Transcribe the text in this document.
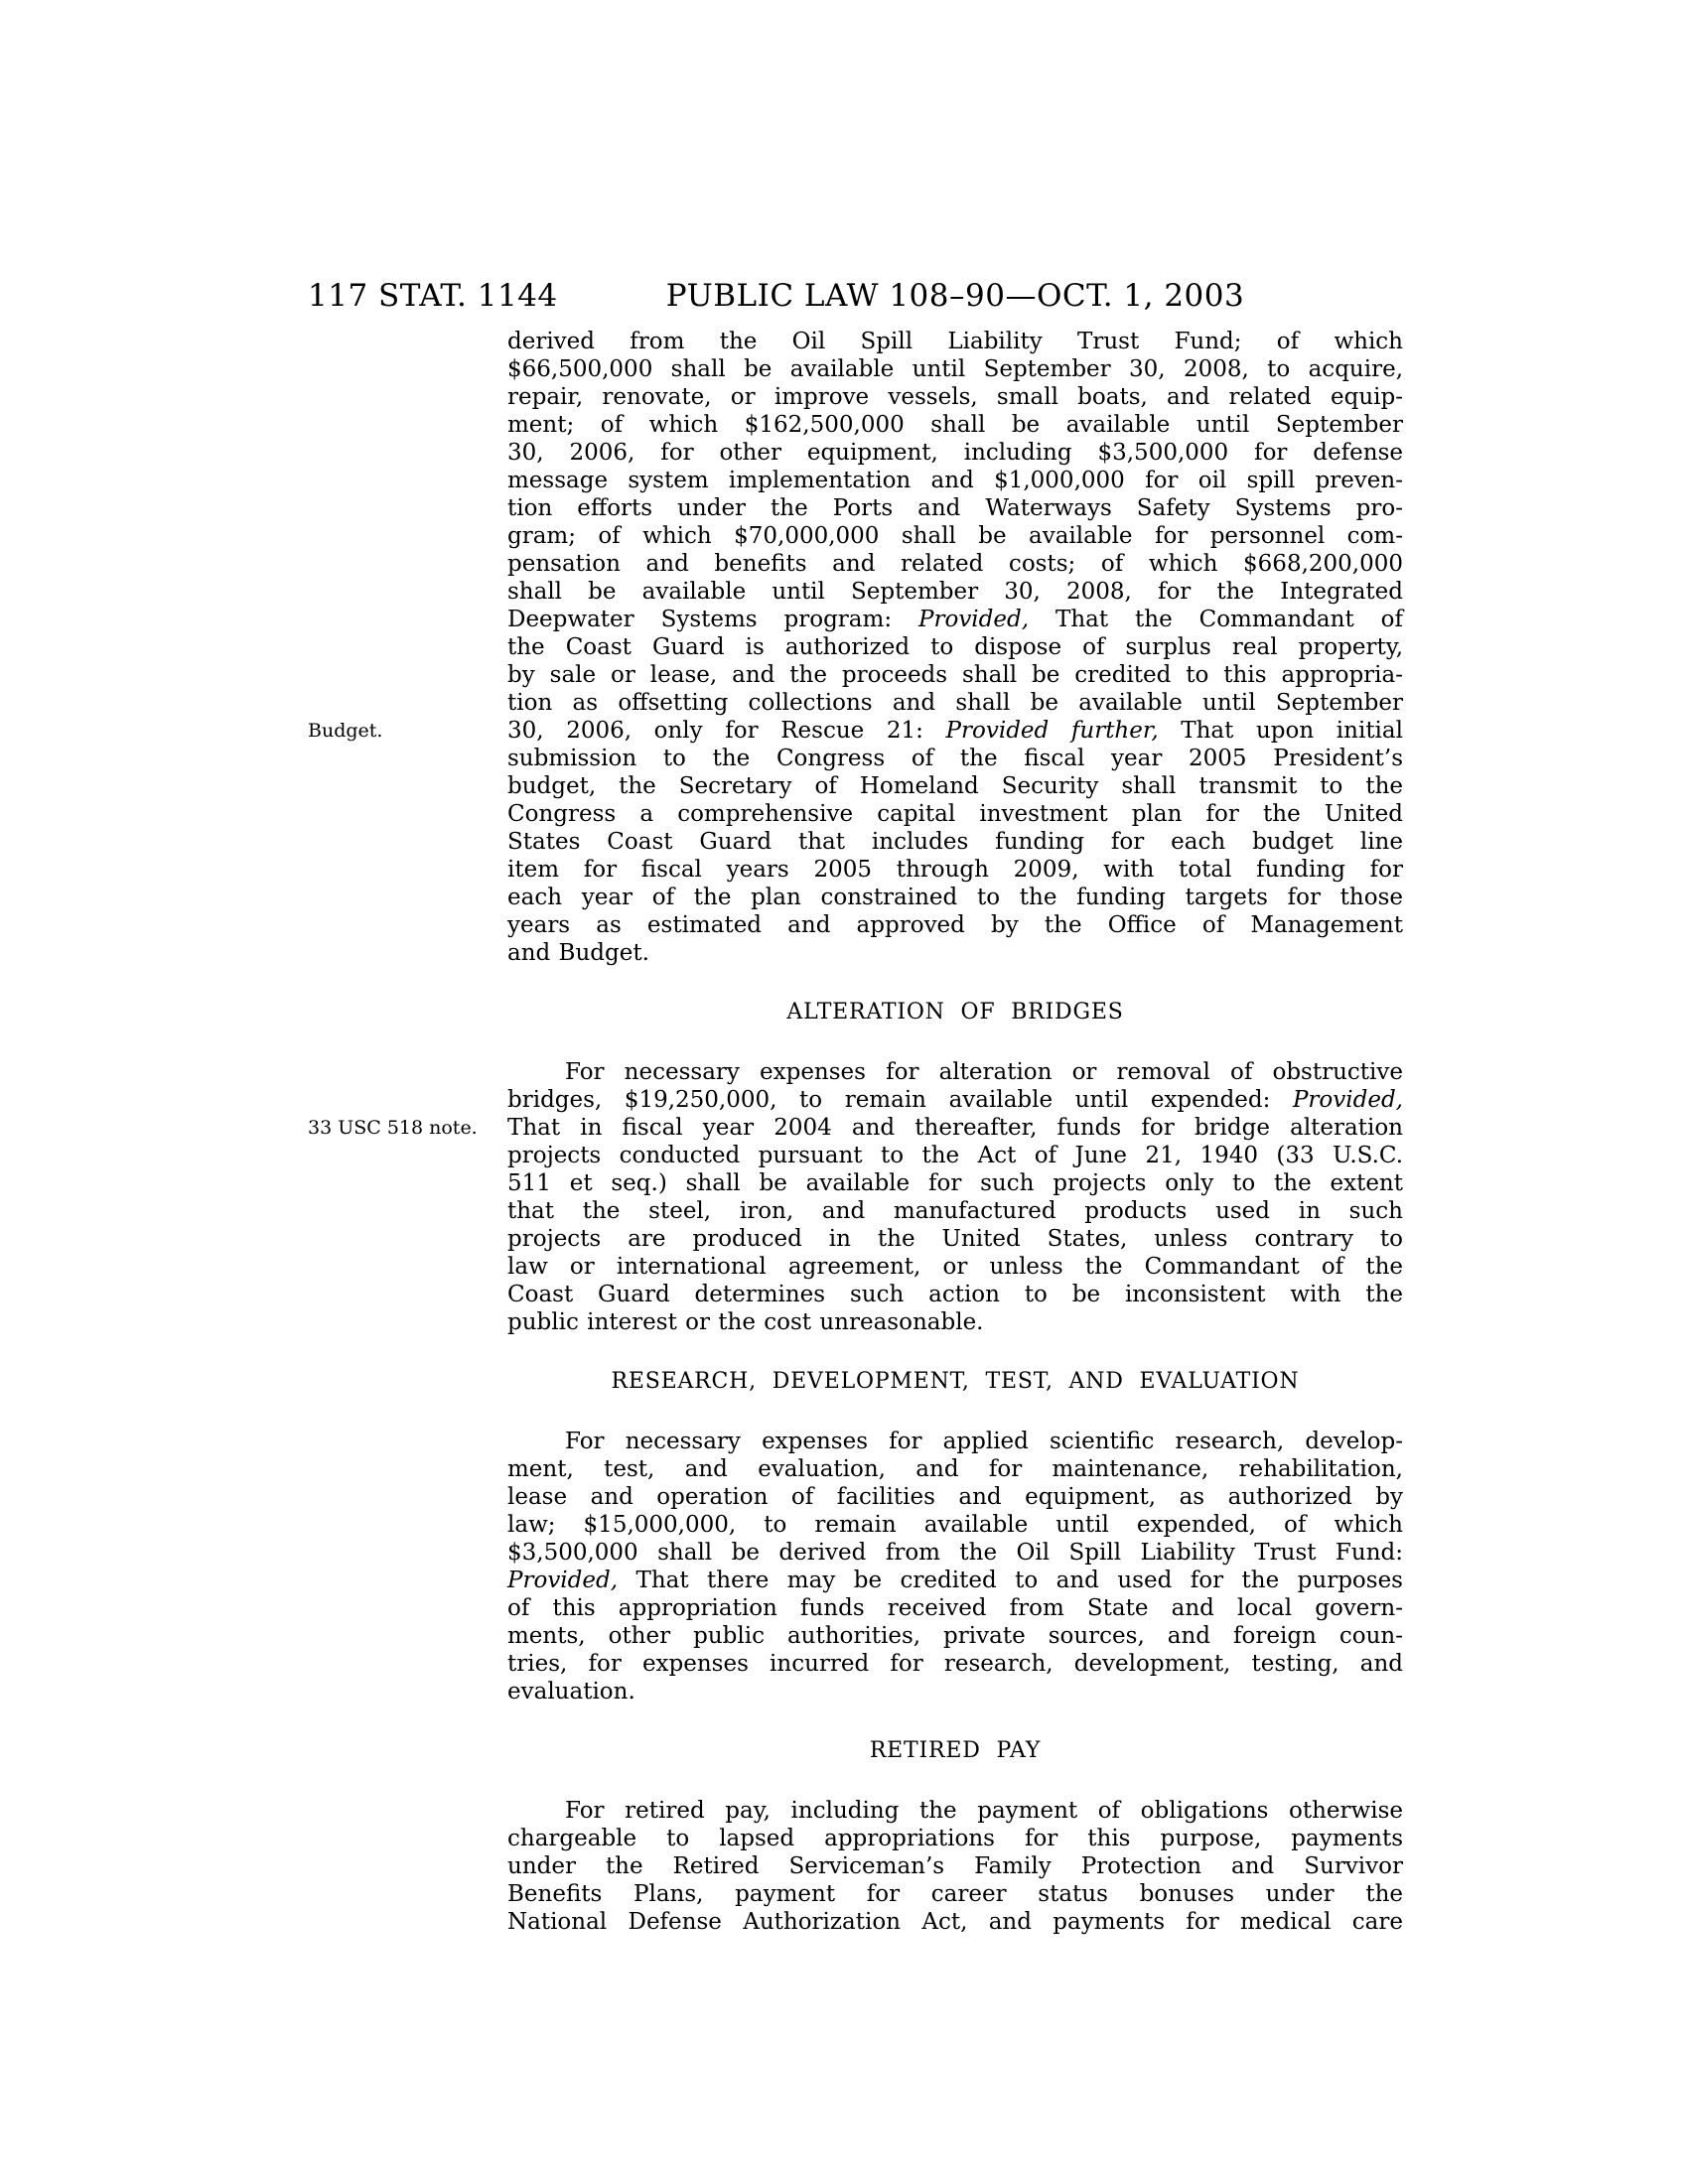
117 STAT. 1144	PUBLIC LAW 108–90—OCT. 1, 2003
Budget.
33 USC 518 note.
derived from the Oil Spill Liability Trust Fund; of which
$66,500,000 shall be available until September 30, 2008, to acquire,
repair, renovate, or improve vessels, small boats, and related equip-
ment; of which $162,500,000 shall be available until September
30, 2006, for other equipment, including $3,500,000 for defense
message system implementation and $1,000,000 for oil spill preven-
tion efforts under the Ports and Waterways Safety Systems pro-
gram; of which $70,000,000 shall be available for personnel com-
pensation and benefits and related costs; of which $668,200,000
shall be available until September 30, 2008, for the Integrated
Deepwater Systems program: Provided, That the Commandant of
the Coast Guard is authorized to dispose of surplus real property,
by sale or lease, and the proceeds shall be credited to this appropria-
tion as offsetting collections and shall be available until September
30, 2006, only for Rescue 21: Provided further, That upon initial
submission to the Congress of the fiscal year 2005 President’s
budget, the Secretary of Homeland Security shall transmit to the
Congress a comprehensive capital investment plan for the United
States Coast Guard that includes funding for each budget line
item for fiscal years 2005 through 2009, with total funding for
each year of the plan constrained to the funding targets for those
years as estimated and approved by the Office of Management
and Budget.
ALTERATION OF BRIDGES
For necessary expenses for alteration or removal of obstructive
bridges, $19,250,000, to remain available until expended: Provided,
That in fiscal year 2004 and thereafter, funds for bridge alteration
projects conducted pursuant to the Act of June 21, 1940 (33 U.S.C.
511 et seq.) shall be available for such projects only to the extent
that the steel, iron, and manufactured products used in such
projects are produced in the United States, unless contrary to
law or international agreement, or unless the Commandant of the
Coast Guard determines such action to be inconsistent with the
public interest or the cost unreasonable.
RESEARCH, DEVELOPMENT, TEST, AND EVALUATION
For necessary expenses for applied scientific research, develop-
ment, test, and evaluation, and for maintenance, rehabilitation,
lease and operation of facilities and equipment, as authorized by
law; $15,000,000, to remain available until expended, of which
$3,500,000 shall be derived from the Oil Spill Liability Trust Fund:
Provided, That there may be credited to and used for the purposes
of this appropriation funds received from State and local govern-
ments, other public authorities, private sources, and foreign coun-
tries, for expenses incurred for research, development, testing, and
evaluation.
RETIRED PAY
For retired pay, including the payment of obligations otherwise
chargeable to lapsed appropriations for this purpose, payments
under the Retired Serviceman’s Family Protection and Survivor
Benefits Plans, payment for career status bonuses under the
National Defense Authorization Act, and payments for medical care
